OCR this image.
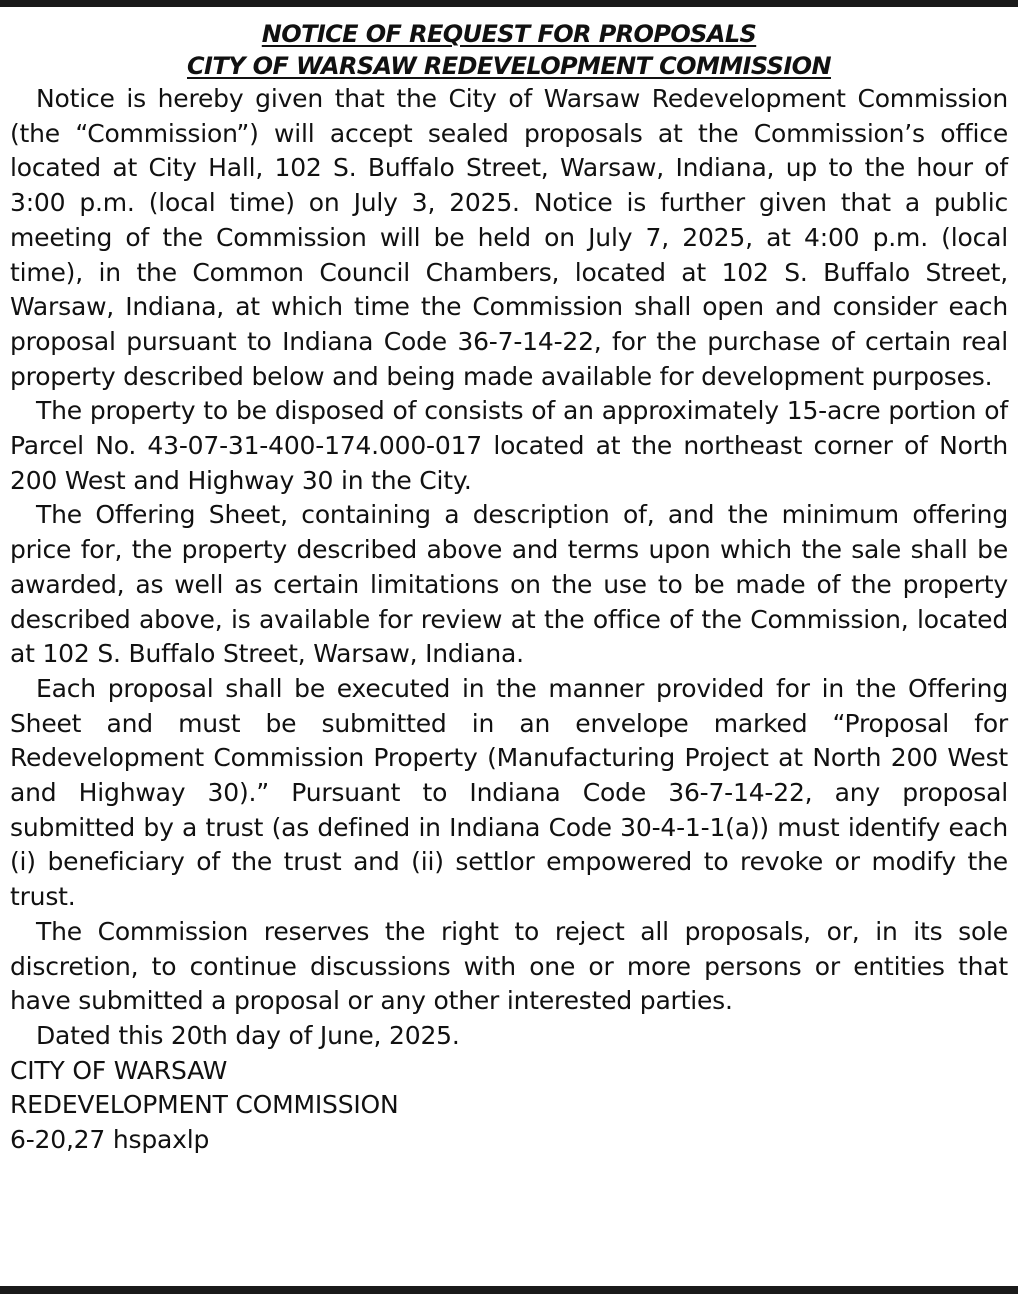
NOTICE OF REQUEST FOR PROPOSALS

CITY OF WARSAW REDEVELOPMENT COMMISSION

Notice is hereby given that the City of Warsaw Redevelopment Commission (the “Commission”) will accept sealed proposals at the Commission’s office located at City Hall, 102 S. Buffalo Street, Warsaw, Indiana, up to the hour of 3:00 p.m. (local time) on July 3, 2025. Notice is further given that a public meeting of the Commission will be held on July 7, 2025, at 4:00 p.m. (local time), in the Common Council Chambers, located at 102 S. Buffalo Street, Warsaw, Indiana, at which time the Commission shall open and consider each proposal pursuant to Indiana Code 36-7-14-22, for the purchase of certain real property described below and being made available for development purposes.

The property to be disposed of consists of an approximately 15-acre portion of Parcel No. 43-07-31-400-174.000-017 located at the northeast corner of North 200 West and Highway 30 in the City.

The Offering Sheet, containing a description of, and the minimum offering price for, the property described above and terms upon which the sale shall be awarded, as well as certain limitations on the use to be made of the property described above, is available for review at the office of the Commission, located at 102 S. Buffalo Street, Warsaw, Indiana.

Each proposal shall be executed in the manner provided for in the Offering Sheet and must be submitted in an envelope marked “Proposal for Redevelopment Commission Property (Manufacturing Project at North 200 West and Highway 30).” Pursuant to Indiana Code 36-7-14-22, any proposal submitted by a trust (as defined in Indiana Code 30-4-1-1(a)) must identify each (i) beneficiary of the trust and (ii) settlor empowered to revoke or modify the trust.

The Commission reserves the right to reject all proposals, or, in its sole discretion, to continue discussions with one or more persons or entities that have submitted a proposal or any other interested parties.

Dated this 20th day of June, 2025.

CITY OF WARSAW

REDEVELOPMENT COMMISSION

6-20,27 hspaxlp
